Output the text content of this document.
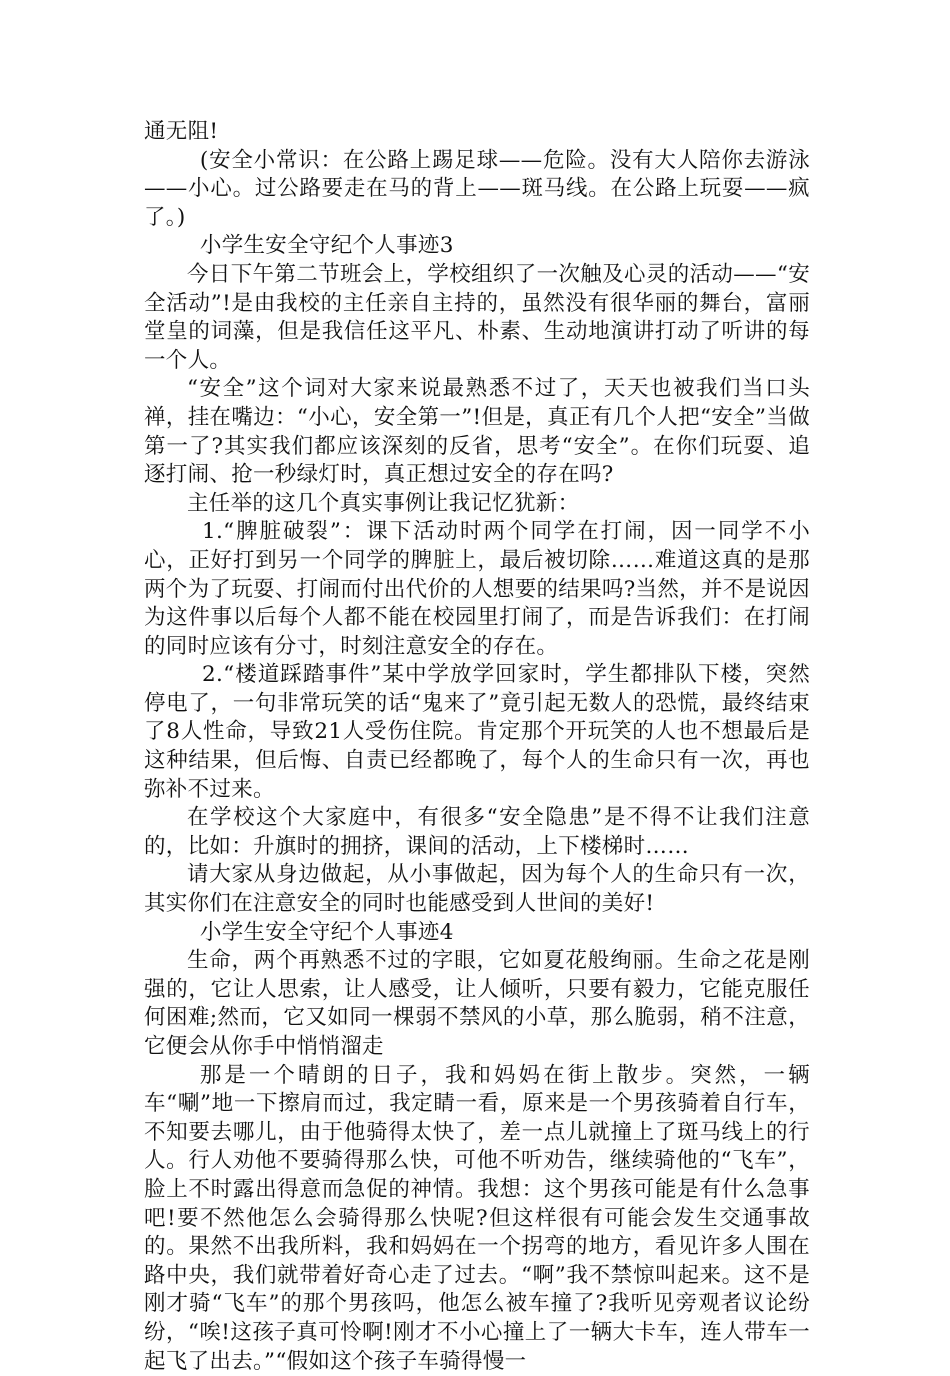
通无阻!

(安全小常识：在公路上踢足球——危险。没有大人陪你去游泳——小心。过公路要走在马的背上——斑马线。在公路上玩耍——疯了。)

小学生安全守纪个人事迹3

今日下午第二节班会上，学校组织了一次触及心灵的活动——“安全活动”!是由我校的主任亲自主持的，虽然没有很华丽的舞台，富丽堂皇的词藻，但是我信任这平凡、朴素、生动地演讲打动了听讲的每一个人。

“安全”这个词对大家来说最熟悉不过了，天天也被我们当口头禅，挂在嘴边：“小心，安全第一”!但是，真正有几个人把“安全”当做第一了?其实我们都应该深刻的反省，思考“安全”。在你们玩耍、追逐打闹、抢一秒绿灯时，真正想过安全的存在吗?

主任举的这几个真实事例让我记忆犹新：

1.“脾脏破裂”：课下活动时两个同学在打闹，因一同学不小心，正好打到另一个同学的脾脏上，最后被切除……难道这真的是那两个为了玩耍、打闹而付出代价的人想要的结果吗?当然，并不是说因为这件事以后每个人都不能在校园里打闹了，而是告诉我们：在打闹的同时应该有分寸，时刻注意安全的存在。

2.“楼道踩踏事件”某中学放学回家时，学生都排队下楼，突然停电了，一句非常玩笑的话“鬼来了”竟引起无数人的恐慌，最终结束了8人性命，导致21人受伤住院。肯定那个开玩笑的人也不想最后是这种结果，但后悔、自责已经都晚了，每个人的生命只有一次，再也弥补不过来。

在学校这个大家庭中，有很多“安全隐患”是不得不让我们注意的，比如：升旗时的拥挤，课间的活动，上下楼梯时……

请大家从身边做起，从小事做起，因为每个人的生命只有一次，其实你们在注意安全的同时也能感受到人世间的美好!

小学生安全守纪个人事迹4

生命，两个再熟悉不过的字眼，它如夏花般绚丽。生命之花是刚强的，它让人思索，让人感受，让人倾听，只要有毅力，它能克服任何困难;然而，它又如同一棵弱不禁风的小草，那么脆弱，稍不注意，它便会从你手中悄悄溜走

那是一个晴朗的日子，我和妈妈在街上散步。突然，一辆车“唰”地一下擦肩而过，我定睛一看，原来是一个男孩骑着自行车，不知要去哪儿，由于他骑得太快了，差一点儿就撞上了斑马线上的行人。行人劝他不要骑得那么快，可他不听劝告，继续骑他的“飞车”，脸上不时露出得意而急促的神情。我想：这个男孩可能是有什么急事吧!要不然他怎么会骑得那么快呢?但这样很有可能会发生交通事故的。果然不出我所料，我和妈妈在一个拐弯的地方，看见许多人围在路中央，我们就带着好奇心走了过去。“啊”我不禁惊叫起来。这不是刚才骑“飞车”的那个男孩吗，他怎么被车撞了?我听见旁观者议论纷纷，“唉!这孩子真可怜啊!刚才不小心撞上了一辆大卡车，连人带车一起飞了出去。”“假如这个孩子车骑得慢一
